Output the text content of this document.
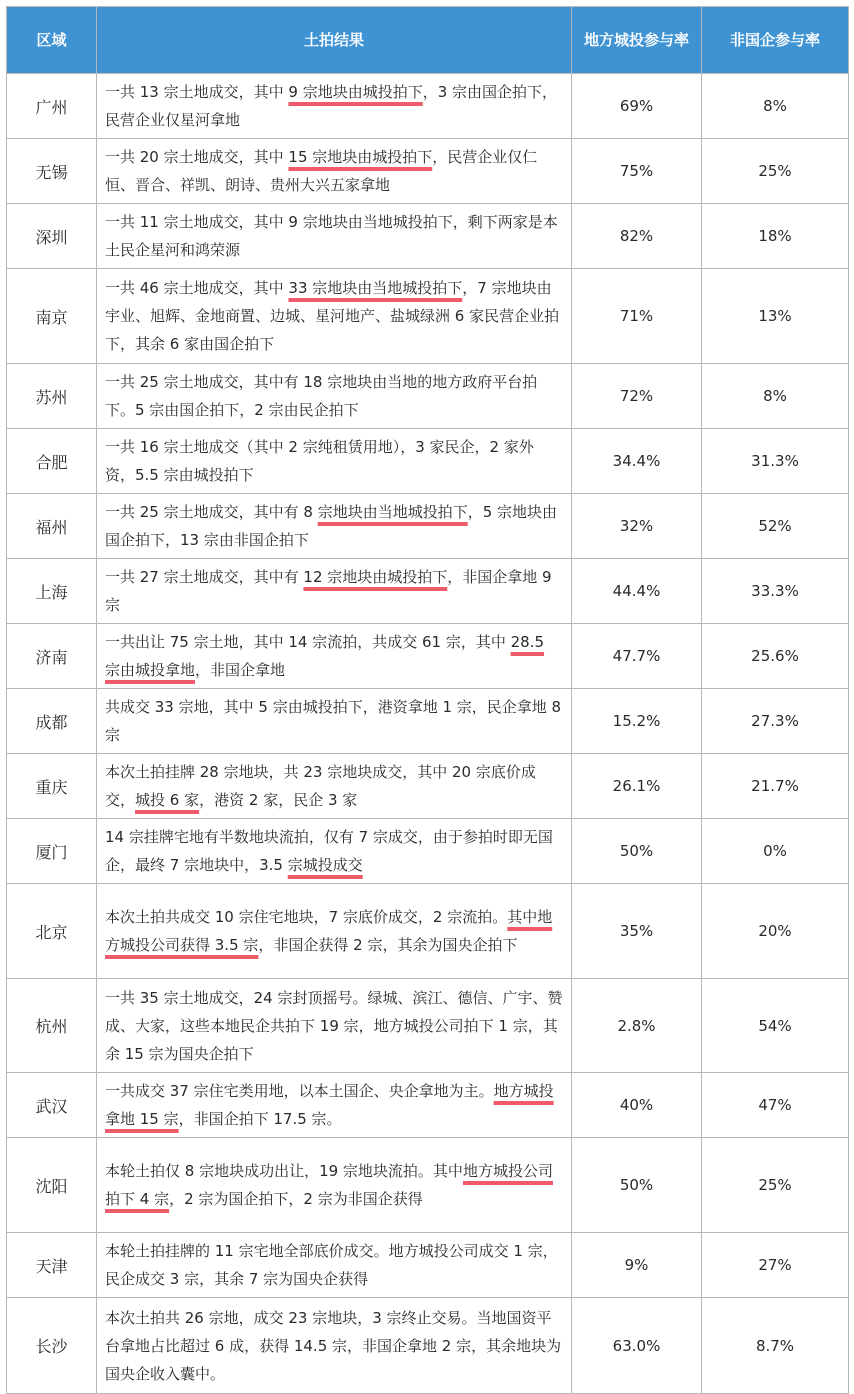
区域	土拍结果	地方城投参与率	非国企参与率
广州	一共 13 宗土地成交，其中 9 宗地块由城投拍下，3 宗由国企拍下，民营企业仅星河拿地	69%	8%
无锡	一共 20 宗土地成交，其中 15 宗地块由城投拍下，民营企业仅仁恒、晋合、祥凯、朗诗、贵州大兴五家拿地	75%	25%
深圳	一共 11 宗土地成交，其中 9 宗地块由当地城投拍下，剩下两家是本土民企星河和鸿荣源	82%	18%
南京	一共 46 宗土地成交，其中 33 宗地块由当地城投拍下，7 宗地块由宇业、旭辉、金地商置、边城、星河地产、盐城绿洲 6 家民营企业拍下，其余 6 家由国企拍下	71%	13%
苏州	一共 25 宗土地成交，其中有 18 宗地块由当地的地方政府平台拍下。5 宗由国企拍下，2 宗由民企拍下	72%	8%
合肥	一共 16 宗土地成交（其中 2 宗纯租赁用地），3 家民企，2 家外资，5.5 宗由城投拍下	34.4%	31.3%
福州	一共 25 宗土地成交，其中有 8 宗地块由当地城投拍下，5 宗地块由国企拍下，13 宗由非国企拍下	32%	52%
上海	一共 27 宗土地成交，其中有 12 宗地块由城投拍下，非国企拿地 9 宗	44.4%	33.3%
济南	一共出让 75 宗土地，其中 14 宗流拍，共成交 61 宗，其中 28.5 宗由城投拿地，非国企拿地	47.7%	25.6%
成都	共成交 33 宗地，其中 5 宗由城投拍下，港资拿地 1 宗，民企拿地 8 宗	15.2%	27.3%
重庆	本次土拍挂牌 28 宗地块，共 23 宗地块成交，其中 20 宗底价成交，城投 6 家，港资 2 家，民企 3 家	26.1%	21.7%
厦门	14 宗挂牌宅地有半数地块流拍，仅有 7 宗成交，由于参拍时即无国企，最终 7 宗地块中，3.5 宗城投成交	50%	0%
北京	本次土拍共成交 10 宗住宅地块，7 宗底价成交，2 宗流拍。其中地方城投公司获得 3.5 宗，非国企获得 2 宗，其余为国央企拍下	35%	20%
杭州	一共 35 宗土地成交，24 宗封顶摇号。绿城、滨江、德信、广宇、赞成、大家，这些本地民企共拍下 19 宗，地方城投公司拍下 1 宗，其余 15 宗为国央企拍下	2.8%	54%
武汉	一共成交 37 宗住宅类用地，以本土国企、央企拿地为主。地方城投拿地 15 宗，非国企拍下 17.5 宗。	40%	47%
沈阳	本轮土拍仅 8 宗地块成功出让，19 宗地块流拍。其中地方城投公司拍下 4 宗，2 宗为国企拍下，2 宗为非国企获得	50%	25%
天津	本轮土拍挂牌的 11 宗宅地全部底价成交。地方城投公司成交 1 宗，民企成交 3 宗，其余 7 宗为国央企获得	9%	27%
长沙	本次土拍共 26 宗地，成交 23 宗地块，3 宗终止交易。当地国资平台拿地占比超过 6 成，获得 14.5 宗，非国企拿地 2 宗，其余地块为国央企收入囊中。	63.0%	8.7%
